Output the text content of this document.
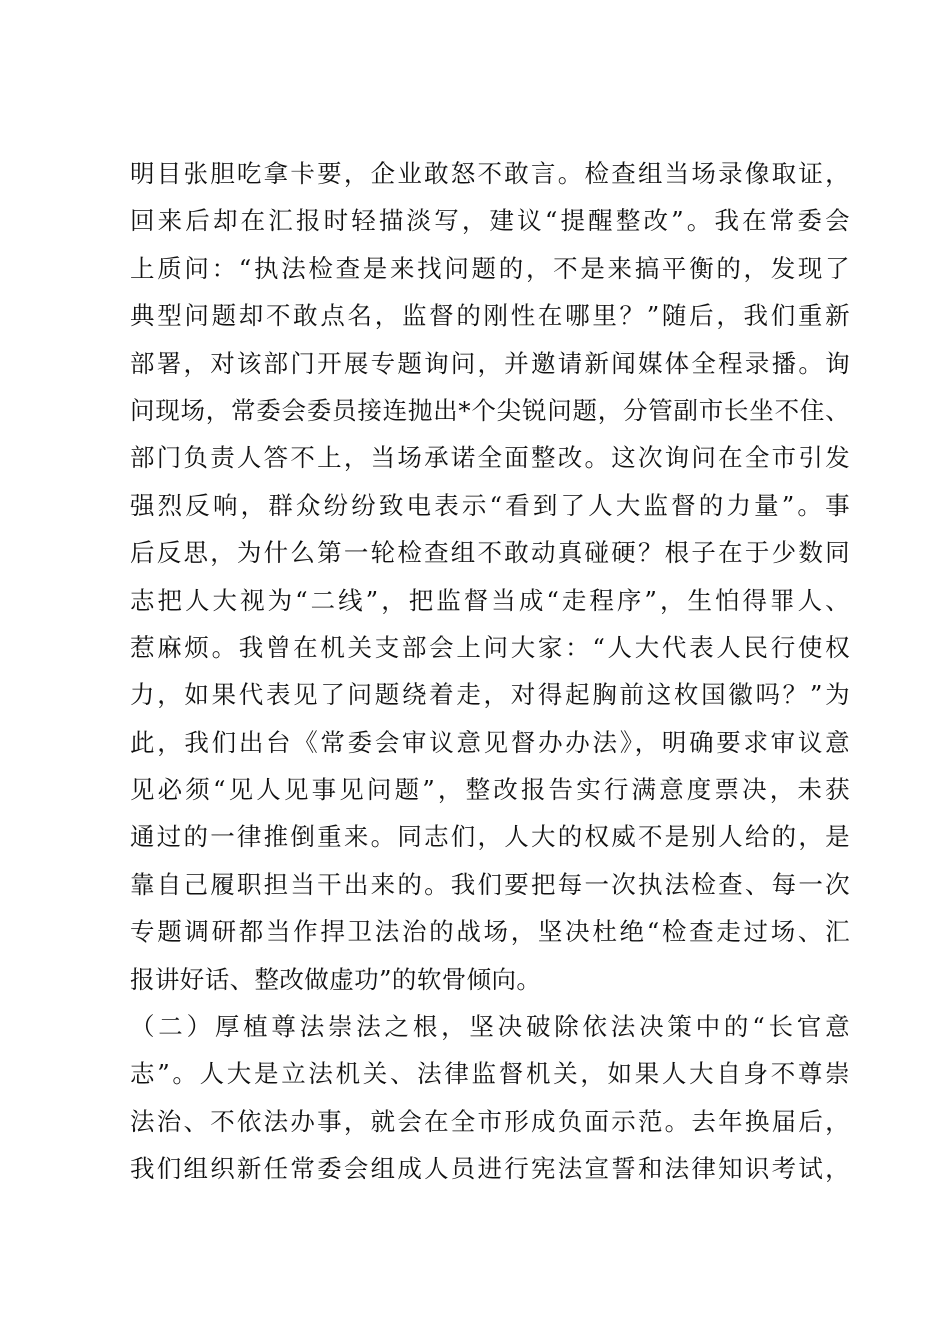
明目张胆吃拿卡要，企业敢怒不敢言。检查组当场录像取证，
回来后却在汇报时轻描淡写，建议“提醒整改”。我在常委会
上质问：“执法检查是来找问题的，不是来搞平衡的，发现了
典型问题却不敢点名，监督的刚性在哪里？”随后，我们重新
部署，对该部门开展专题询问，并邀请新闻媒体全程录播。询
问现场，常委会委员接连抛出*个尖锐问题，分管副市长坐不住、
部门负责人答不上，当场承诺全面整改。这次询问在全市引发
强烈反响，群众纷纷致电表示“看到了人大监督的力量”。事
后反思，为什么第一轮检查组不敢动真碰硬？根子在于少数同
志把人大视为“二线”，把监督当成“走程序”，生怕得罪人、
惹麻烦。我曾在机关支部会上问大家：“人大代表人民行使权
力，如果代表见了问题绕着走，对得起胸前这枚国徽吗？”为
此，我们出台《常委会审议意见督办办法》，明确要求审议意
见必须“见人见事见问题”，整改报告实行满意度票决，未获
通过的一律推倒重来。同志们，人大的权威不是别人给的，是
靠自己履职担当干出来的。我们要把每一次执法检查、每一次
专题调研都当作捍卫法治的战场，坚决杜绝“检查走过场、汇
报讲好话、整改做虚功”的软骨倾向。
（二）厚植尊法崇法之根，坚决破除依法决策中的“长官意
志”。人大是立法机关、法律监督机关，如果人大自身不尊崇
法治、不依法办事，就会在全市形成负面示范。去年换届后，
我们组织新任常委会组成人员进行宪法宣誓和法律知识考试，
